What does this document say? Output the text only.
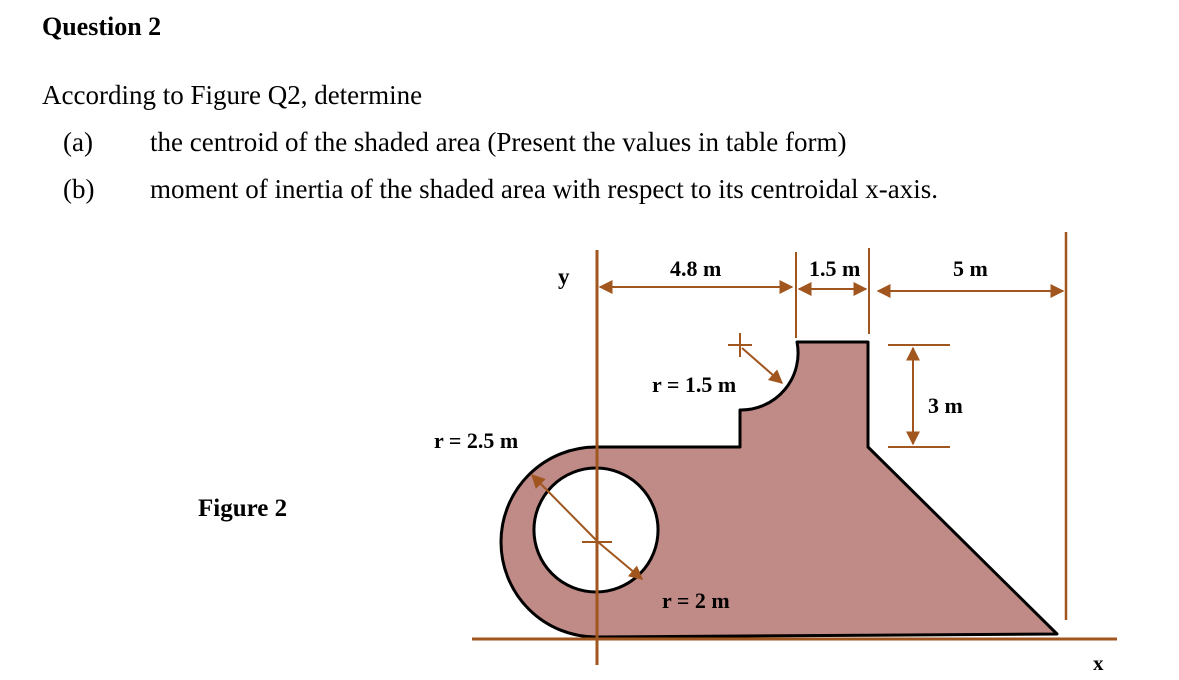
Question 2

According to Figure Q2, determine

(a) the centroid of the shaded area (Present the values in table form)
(b) moment of inertia of the shaded area with respect to its centroidal x-axis.
Figure 2
y
x
4.8 m	1.5 m	5 m
3 m
r = 1.5 m
r = 2.5 m
r = 2 m
